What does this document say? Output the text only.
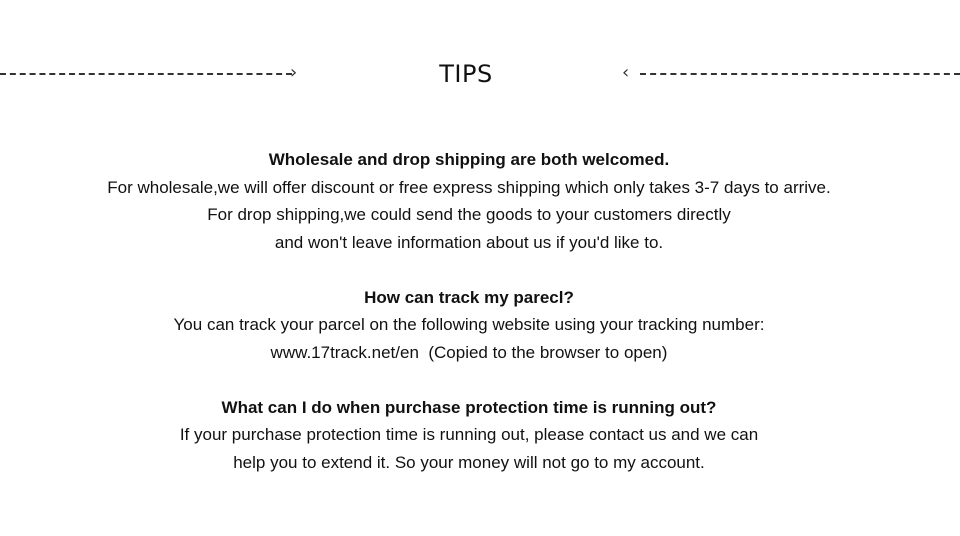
›	TIPS	‹
Wholesale and drop shipping are both welcomed.
For wholesale,we will offer discount or free express shipping which only takes 3-7 days to arrive.
For drop shipping,we could send the goods to your customers directly
and won't leave information about us if you'd like to.
How can track my parecl?
You can track your parcel on the following website using your tracking number:
www.17track.net/en  (Copied to the browser to open)
What can I do when purchase protection time is running out?
If your purchase protection time is running out, please contact us and we can
help you to extend it. So your money will not go to my account.
